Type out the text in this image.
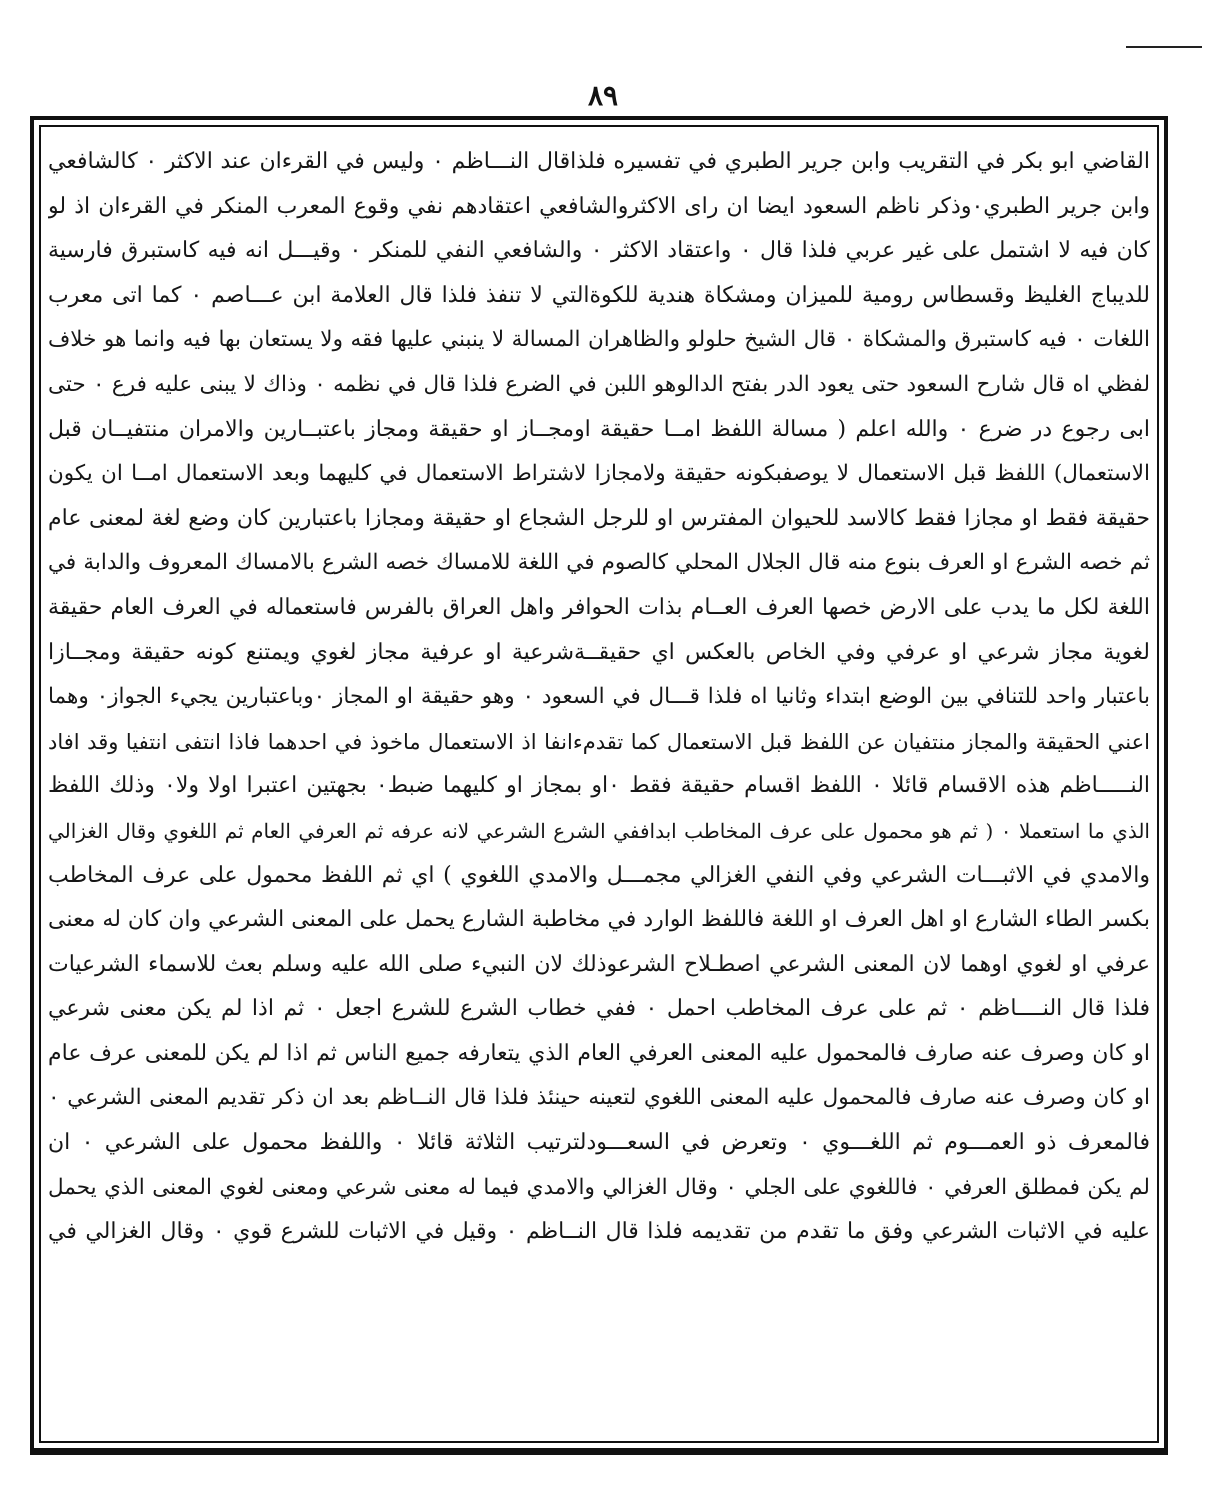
٨٩
القاضي ابو بكر في التقريب وابن جرير الطبري في تفسيره فلذاقال النـــاظم ٠ وليس في القرءان عند الاكثر ٠ كالشافعي
وابن جرير الطبري٠وذكر ناظم السعود ايضا ان راى الاكثروالشافعي اعتقادهم نفي وقوع المعرب المنكر في القرءان اذ لو
كان فيه لا اشتمل على غير عربي فلذا قال ٠ واعتقاد الاكثر ٠ والشافعي النفي للمنكر ٠ وقيـــل انه فيه كاستبرق فارسية
للديباج الغليظ وقسطاس رومية للميزان ومشكاة هندية للكوةالتي لا تنفذ فلذا قال العلامة ابن عـــاصم ٠ كما اتى معرب
اللغات ٠ فيه كاستبرق والمشكاة ٠ قال الشيخ حلولو والظاهران المسالة لا ينبني عليها فقه ولا يستعان بها فيه وانما هو خلاف
لفظي اه قال شارح السعود حتى يعود الدر بفتح الدالوهو اللبن في الضرع فلذا قال في نظمه ٠ وذاك لا يبنى عليه فرع ٠ حتى
ابى رجوع در ضرع ٠ والله اعلم ( مسالة اللفظ امــا حقيقة اومجــاز او حقيقة ومجاز باعتبــارين والامران منتفيــان قبل
الاستعمال) اللفظ قبل الاستعمال لا يوصفبكونه حقيقة ولامجازا لاشتراط الاستعمال في كليهما وبعد الاستعمال امــا ان يكون
حقيقة فقط او مجازا فقط كالاسد للحيوان المفترس او للرجل الشجاع او حقيقة ومجازا باعتبارين كان وضع لغة لمعنى عام
ثم خصه الشرع او العرف بنوع منه قال الجلال المحلي كالصوم في اللغة للامساك خصه الشرع بالامساك المعروف والدابة في
اللغة لكل ما يدب على الارض خصها العرف العــام بذات الحوافر واهل العراق بالفرس فاستعماله في العرف العام حقيقة
لغوية مجاز شرعي او عرفي وفي الخاص بالعكس اي حقيقــةشرعية او عرفية مجاز لغوي ويمتنع كونه حقيقة ومجــازا
باعتبار واحد للتنافي بين الوضع ابتداء وثانيا اه فلذا قـــال في السعود ٠ وهو حقيقة او المجاز ٠وباعتبارين يجيء الجواز٠ وهما
اعني الحقيقة والمجاز منتفيان عن اللفظ قبل الاستعمال كما تقدمءانفا اذ الاستعمال ماخوذ في احدهما فاذا انتفى انتفيا وقد افاد
النـــــاظم هذه الاقسام قائلا ٠ اللفظ اقسام حقيقة فقط ٠او بمجاز او كليهما ضبط٠ بجهتين اعتبرا اولا ولا٠ وذلك اللفظ
الذي ما استعملا ٠ ( ثم هو محمول على عرف المخاطب ابداففي الشرع الشرعي لانه عرفه ثم العرفي العام ثم اللغوي وقال الغزالي
والامدي في الاثبـــات الشرعي وفي النفي الغزالي مجمـــل والامدي اللغوي ) اي ثم اللفظ محمول على عرف المخاطب
بكسر الطاء الشارع او اهل العرف او اللغة فاللفظ الوارد في مخاطبة الشارع يحمل على المعنى الشرعي وان كان له معنى
عرفي او لغوي اوهما لان المعنى الشرعي اصطـلاح الشرعوذلك لان النبيء صلى الله عليه وسلم بعث للاسماء الشرعيات
فلذا قال النــــاظم ٠ ثم على عرف المخاطب احمل ٠ ففي خطاب الشرع للشرع اجعل ٠ ثم اذا لم يكن معنى شرعي
او كان وصرف عنه صارف فالمحمول عليه المعنى العرفي العام الذي يتعارفه جميع الناس ثم اذا لم يكن للمعنى عرف عام
او كان وصرف عنه صارف فالمحمول عليه المعنى اللغوي لتعينه حينئذ فلذا قال النــاظم بعد ان ذكر تقديم المعنى الشرعي ٠
فالمعرف ذو العمـــوم ثم اللغـــوي ٠ وتعرض في السعـــودلترتيب الثلاثة قائلا ٠ واللفظ محمول على الشرعي ٠ ان
لم يكن فمطلق العرفي ٠ فاللغوي على الجلي ٠ وقال الغزالي والامدي فيما له معنى شرعي ومعنى لغوي المعنى الذي يحمل
عليه في الاثبات الشرعي وفق ما تقدم من تقديمه فلذا قال النــاظم ٠ وقيل في الاثبات للشرع قوي ٠ وقال الغزالي في
